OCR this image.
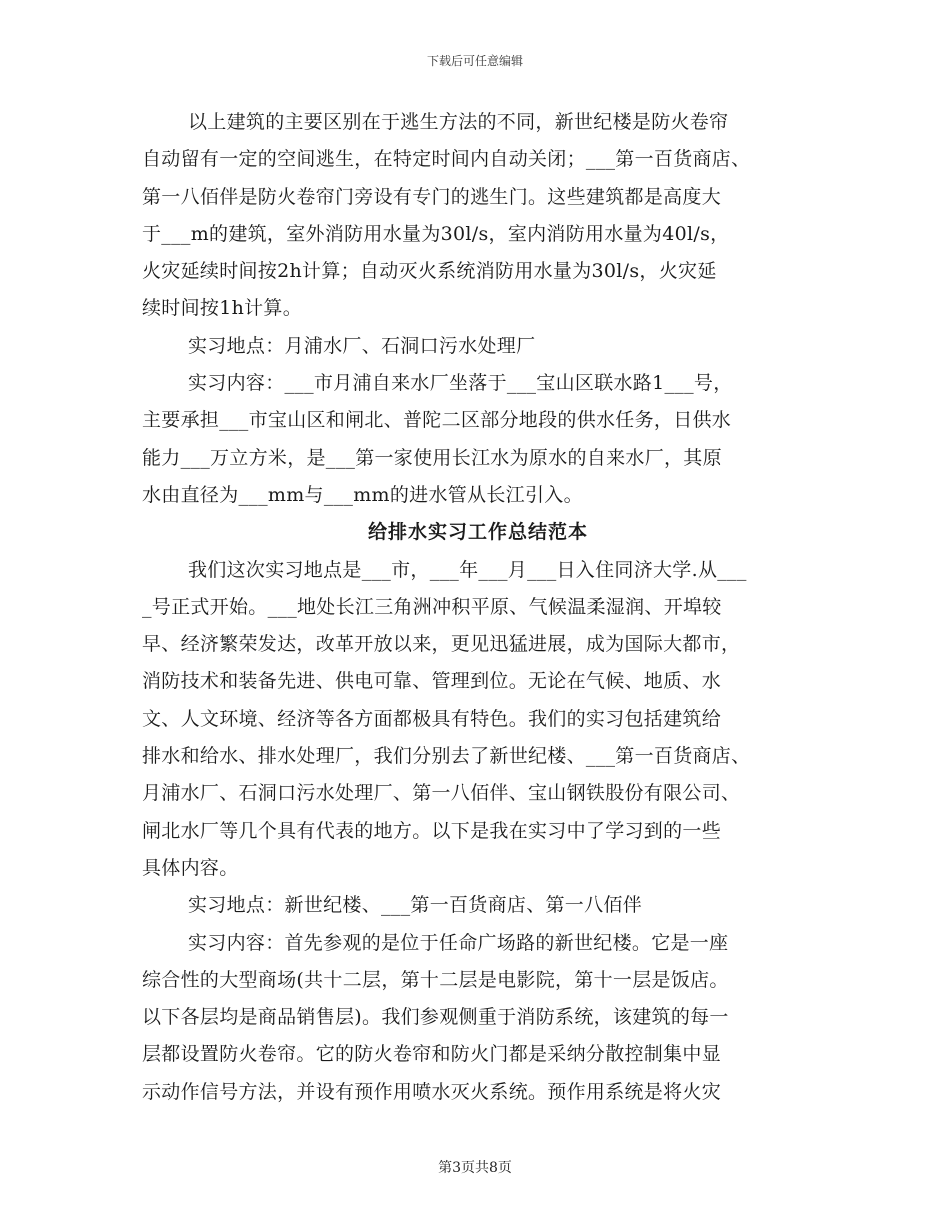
下载后可任意编辑
以上建筑的主要区别在于逃生方法的不同，新世纪楼是防火卷帘
自动留有一定的空间逃生，在特定时间内自动关闭；___第一百货商店、
第一八佰伴是防火卷帘门旁设有专门的逃生门。这些建筑都是高度大
于___m的建筑，室外消防用水量为30l/s，室内消防用水量为40l/s，
火灾延续时间按2h计算；自动灭火系统消防用水量为30l/s，火灾延
续时间按1h计算。
实习地点：月浦水厂、石洞口污水处理厂
实习内容：___市月浦自来水厂坐落于___宝山区联水路1___号，
主要承担___市宝山区和闸北、普陀二区部分地段的供水任务，日供水
能力___万立方米，是___第一家使用长江水为原水的自来水厂，其原
水由直径为___mm与___mm的进水管从长江引入。
给排水实习工作总结范本
我们这次实习地点是___市，___年___月___日入住同济大学.从___
_号正式开始。___地处长江三角洲冲积平原、气候温柔湿润、开埠较
早、经济繁荣发达，改革开放以来，更见迅猛进展，成为国际大都市，
消防技术和装备先进、供电可靠、管理到位。无论在气候、地质、水
文、人文环境、经济等各方面都极具有特色。我们的实习包括建筑给
排水和给水、排水处理厂，我们分别去了新世纪楼、___第一百货商店、
月浦水厂、石洞口污水处理厂、第一八佰伴、宝山钢铁股份有限公司、
闸北水厂等几个具有代表的地方。以下是我在实习中了学习到的一些
具体内容。
实习地点：新世纪楼、___第一百货商店、第一八佰伴
实习内容：首先参观的是位于任命广场路的新世纪楼。它是一座
综合性的大型商场(共十二层，第十二层是电影院，第十一层是饭店。
以下各层均是商品销售层)。我们参观侧重于消防系统，该建筑的每一
层都设置防火卷帘。它的防火卷帘和防火门都是采纳分散控制集中显
示动作信号方法，并设有预作用喷水灭火系统。预作用系统是将火灾
第3页共8页
